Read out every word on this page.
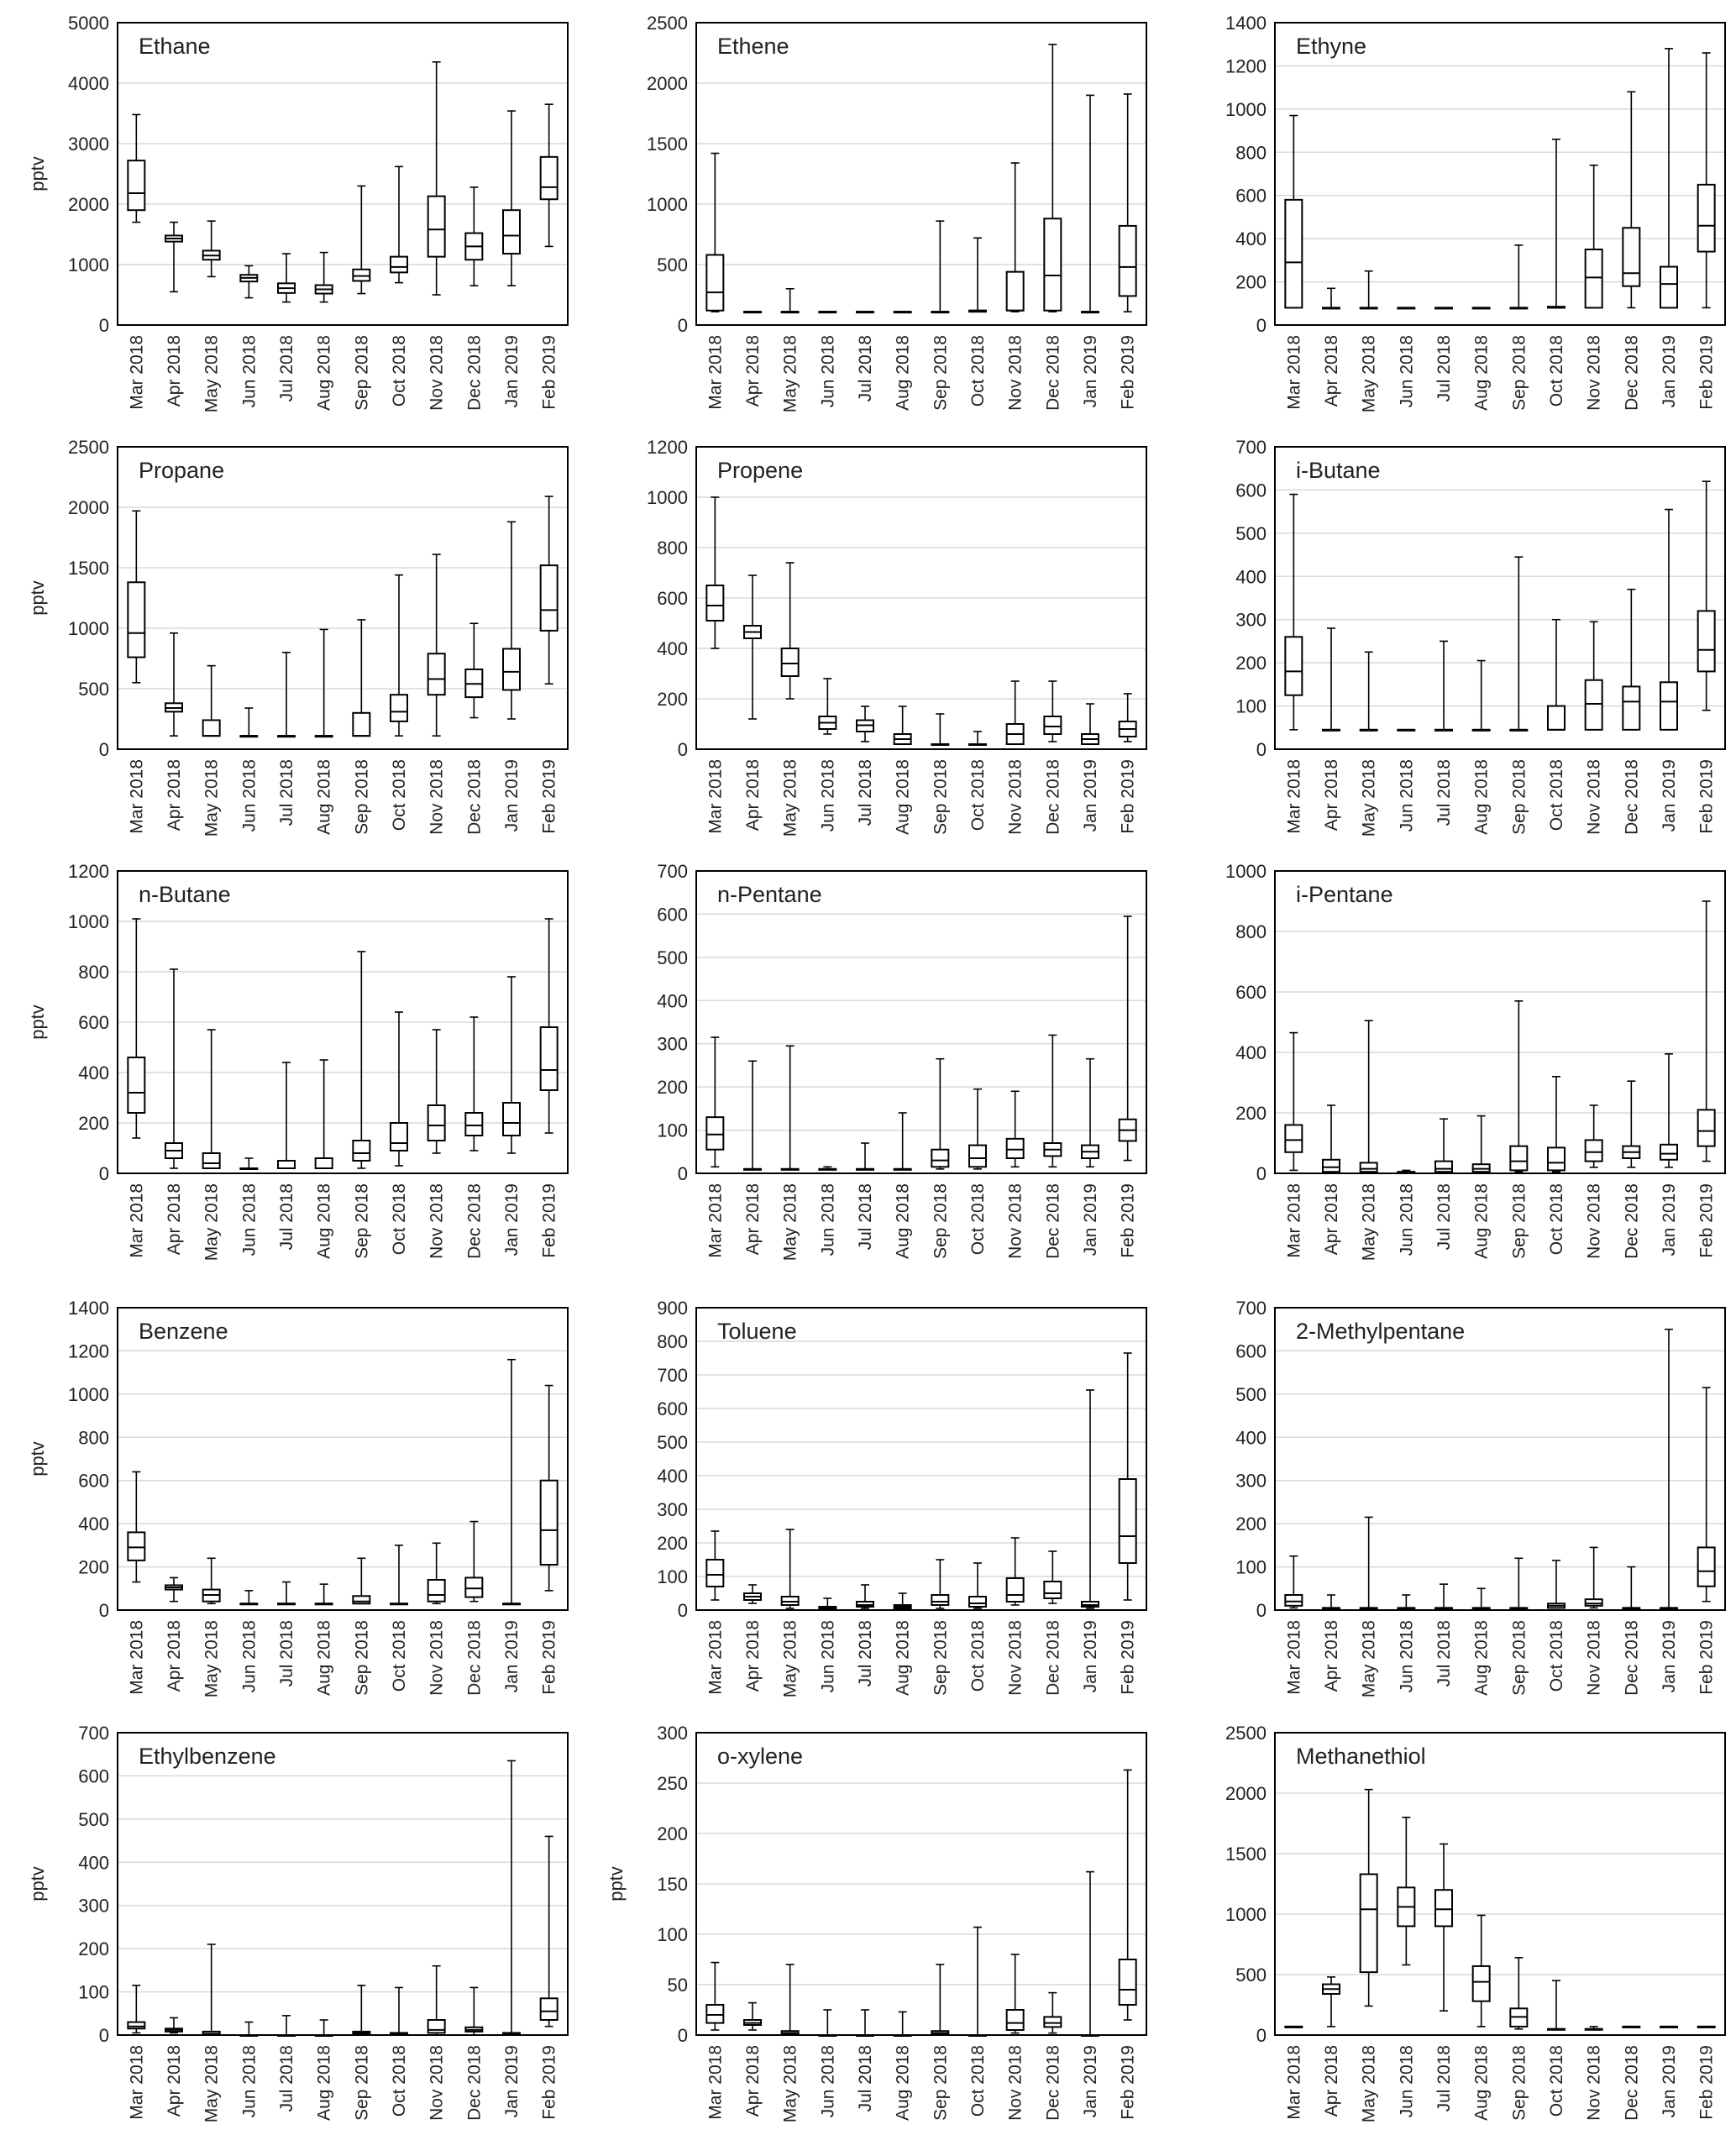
0
1000
2000
3000
4000
5000
Ethane
pptv
Mar 2018 Apr 2018 May 2018 Jun 2018 Jul 2018 Aug 2018 Sep 2018 Oct 2018 Nov 2018 Dec 2018 Jan 2019 Feb 2019
0
500
1000
1500
2000
2500
Ethene
Mar 2018 Apr 2018 May 2018 Jun 2018 Jul 2018 Aug 2018 Sep 2018 Oct 2018 Nov 2018 Dec 2018 Jan 2019 Feb 2019
0
200
400
600
800
1000
1200
1400
Ethyne
Mar 2018 Apr 2018 May 2018 Jun 2018 Jul 2018 Aug 2018 Sep 2018 Oct 2018 Nov 2018 Dec 2018 Jan 2019 Feb 2019
0
500
1000
1500
2000
2500
Propane
pptv
Mar 2018 Apr 2018 May 2018 Jun 2018 Jul 2018 Aug 2018 Sep 2018 Oct 2018 Nov 2018 Dec 2018 Jan 2019 Feb 2019
0
200
400
600
800
1000
1200
Propene
Mar 2018 Apr 2018 May 2018 Jun 2018 Jul 2018 Aug 2018 Sep 2018 Oct 2018 Nov 2018 Dec 2018 Jan 2019 Feb 2019
0
100
200
300
400
500
600
700
i-Butane
Mar 2018 Apr 2018 May 2018 Jun 2018 Jul 2018 Aug 2018 Sep 2018 Oct 2018 Nov 2018 Dec 2018 Jan 2019 Feb 2019
0
200
400
600
800
1000
1200
n-Butane
pptv
Mar 2018 Apr 2018 May 2018 Jun 2018 Jul 2018 Aug 2018 Sep 2018 Oct 2018 Nov 2018 Dec 2018 Jan 2019 Feb 2019
0
100
200
300
400
500
600
700
n-Pentane
Mar 2018 Apr 2018 May 2018 Jun 2018 Jul 2018 Aug 2018 Sep 2018 Oct 2018 Nov 2018 Dec 2018 Jan 2019 Feb 2019
0
200
400
600
800
1000
i-Pentane
Mar 2018 Apr 2018 May 2018 Jun 2018 Jul 2018 Aug 2018 Sep 2018 Oct 2018 Nov 2018 Dec 2018 Jan 2019 Feb 2019
0
200
400
600
800
1000
1200
1400
Benzene
pptv
Mar 2018 Apr 2018 May 2018 Jun 2018 Jul 2018 Aug 2018 Sep 2018 Oct 2018 Nov 2018 Dec 2018 Jan 2019 Feb 2019
0
100
200
300
400
500
600
700
800
900
Toluene
Mar 2018 Apr 2018 May 2018 Jun 2018 Jul 2018 Aug 2018 Sep 2018 Oct 2018 Nov 2018 Dec 2018 Jan 2019 Feb 2019
0
100
200
300
400
500
600
700
2-Methylpentane
Mar 2018 Apr 2018 May 2018 Jun 2018 Jul 2018 Aug 2018 Sep 2018 Oct 2018 Nov 2018 Dec 2018 Jan 2019 Feb 2019
0
100
200
300
400
500
600
700
Ethylbenzene
pptv
Mar 2018 Apr 2018 May 2018 Jun 2018 Jul 2018 Aug 2018 Sep 2018 Oct 2018 Nov 2018 Dec 2018 Jan 2019 Feb 2019
0
50
100
150
200
250
300
o-xylene
pptv
Mar 2018 Apr 2018 May 2018 Jun 2018 Jul 2018 Aug 2018 Sep 2018 Oct 2018 Nov 2018 Dec 2018 Jan 2019 Feb 2019
0
500
1000
1500
2000
2500
Methanethiol
Mar 2018 Apr 2018 May 2018 Jun 2018 Jul 2018 Aug 2018 Sep 2018 Oct 2018 Nov 2018 Dec 2018 Jan 2019 Feb 2019
